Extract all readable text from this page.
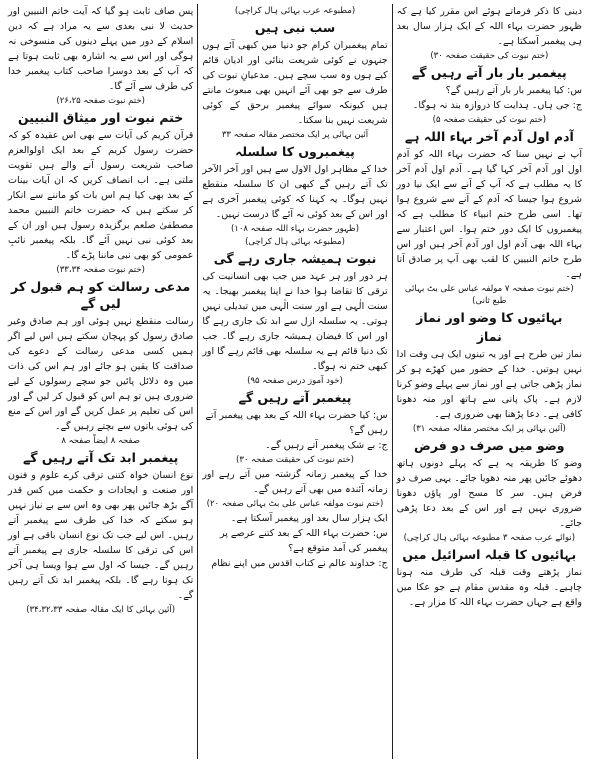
پس صاف ثابت ہو گیا کہ آیت خاتم النبیین اور حدیث لا نبی بعدی سے یہ مراد ہے کہ دین اسلام کے دور میں پہلے دینوں کی منسوخی نہ ہوگی اور اس سے یہ اشارہ بھی ثابت ہوتا ہے کہ آپ کے بعد دوسرا صاحب کتاب پیغمبر خدا کی طرف سے آئے گا۔

(ختم نبوت صفحہ ۲۶،۲۵)

ختم نبوت اور میثاق النبیین

قرآن کریم کی آیات سے بھی اس عقیدہ کو کہ حضرت رسول کریم کے بعد ایک اولوالعزم صاحب شریعت رسول آنے والے ہیں تقویت ملتی ہے۔ اب انصاف کریں کہ ان آیات بینات کے بعد بھی کیا ہم اس بات کو ماننے سے انکار کر سکتے ہیں کہ حضرت خاتم النبیین محمد مصطفیٰ صلعم برگزیدہ رسول ہیں اور ان کے بعد کوئی نبی نہیں آئے گا۔ بلکہ پیغمبر نائبِ عمومی کو بھی نبی ماننا پڑے گا۔

(ختم نبوت صفحہ ۳۳،۳۴)

مدعی رسالت کو ہم قبول کر لیں گے

رسالت منقطع نہیں ہوئی اور ہم صادق وغیر صادق رسول کو پہچان سکتے ہیں اس لیے اگر ہمیں کسی مدعی رسالت کے دعوے کی صداقت کا یقین ہو جائے اور ہم اس کی ذات میں وہ دلائل پائیں جو سچے رسولوں کے لیے ضروری ہیں تو ہم اس کو قبول کر لیں گے اور اس کی تعلیم پر عمل کریں گے اور اس کے منع کی ہوئی باتوں سے بچتے رہیں گے۔

صفحہ ۸ ایضاً صفحہ ۸

پیغمبر ابد تک آتے رہیں گے

نوع انسان خواہ کتنی ترقی کرے علوم و فنون اور صنعت و ایجادات و حکمت میں کس قدر آگے بڑھ جائیں پھر بھی وہ اس سے بے نیاز نہیں ہو سکتے کہ خدا کی طرف سے پیغمبر آتے رہیں۔ اس لیے جب تک نوع انسان باقی ہے اور اس کی ترقی کا سلسلہ جاری ہے پیغمبر آتے رہیں گے۔ جیسا کہ اول سے ہوا ویسا ہی آخر تک ہوتا رہے گا۔ بلکہ پیغمبر ابد تک آتے رہیں گے۔

(آئین بہائی کا ایک مقالہ صفحہ ۳۴،۳۲،۳۳)

(مطبوعہ عرب بہائی ہال کراچی)

سب نبی ہیں

تمام پیغمبران کرام جو دنیا میں کبھی آئے ہوں جنہوں نے کوئی شریعت بنائی اور ادیان قائم کیے ہوں وہ سب سچے ہیں۔ مدعیانِ نبوت کی طرف سے جو بھی آئے انہیں بھی مبعوث مانتے ہیں کیونکہ سوائے پیغمبر برحق کے کوئی شریعت نہیں بنا سکتا۔

آئین بہائی پر ایک مختصر مقالہ صفحہ ۳۳

پیغمبروں کا سلسلہ

خدا کے مظاہر اول الاول سے ہیں اور آخر الآخر تک آتے رہیں گے کبھی ان کا سلسلہ منقطع نہیں ہوگا۔ یہ کہنا کہ کوئی پیغمبر آخری ہے اور اس کے بعد کوئی نہ آئے گا درست نہیں۔

(ظہور حضرت بہاء اللہ صفحہ ۱۰۸)

(مطبوعہ بہائی ہال کراچی)

نبوت ہمیشہ جاری رہے گی

ہر دور اور ہر عہد میں جب بھی انسانیت کی ترقی کا تقاضا ہوا خدا نے اپنا پیغمبر بھیجا۔ یہ سنت الٰہی ہے اور سنت الٰہی میں تبدیلی نہیں ہوتی۔ یہ سلسلہ ازل سے ابد تک جاری رہے گا اور اس کا فیضان ہمیشہ جاری رہے گا۔ جب تک دنیا قائم ہے یہ سلسلہ بھی قائم رہے گا اور کبھی ختم نہ ہوگا۔

(خود آموز درس صفحہ ۹۵)

پیغمبر آتے رہیں گے

س: کیا حضرت بہاء اللہ کے بعد بھی پیغمبر آتے رہیں گے؟

ج: بے شک پیغمبر آتے رہیں گے۔

(ختم نبوت کی حقیقت صفحہ ۳۰)

خدا کے پیغمبر زمانہ گزشتہ میں آتے رہے اور زمانہ آئندہ میں بھی آتے رہیں گے۔

(ختم نبوت مولفہ عباس علی بٹ بہائی صفحہ ۲۰)

ایک ہزار سال بعد اور پیغمبر آسکتا ہے۔

س: حضرت بہاء اللہ کے بعد کتنے عرصے پر پیغمبر کی آمد متوقع ہے؟

ج: خداوند عالم نے کتاب اقدس میں اپنے نظام

دینی کا ذکر فرماتے ہوئے اس مقرر کیا ہے کہ ظہور حضرت بہاء اللہ کے ایک ہزار سال بعد ہی پیغمبر آسکتا ہے۔

(ختم نبوت کی حقیقت صفحہ ۳۰)

پیغمبر بار بار آتے رہیں گے

س: کیا پیغمبر بار بار آتے رہیں گے؟

ج: جی ہاں۔ ہدایت کا دروازہ بند نہ ہوگا۔

(ختم نبوت کی حقیقت صفحہ ۵)

آدم اول آدم آخر بہاء اللہ ہے

آپ نے نہیں سنا کہ حضرت بہاء اللہ کو آدم اول اور آدم آخر کہا گیا ہے۔ آدم اول آدم آخر کا یہ مطلب ہے کہ آپ کے آنے سے ایک نیا دور شروع ہوا جیسا کہ آدم کے آنے سے شروع ہوا تھا۔ اسی طرح ختم انبیاء کا مطلب ہے کہ پیغمبروں کا ایک دور ختم ہوا۔ اس اعتبار سے بہاء اللہ بھی آدم اول اور آدم آخر ہیں اور اس طرح خاتم النبیین کا لقب بھی آپ پر صادق آتا ہے۔

(ختم نبوت صفحہ ۷ مولفہ عباس علی بٹ بہائی طبع ثانی)

بہائیوں کا وضو اور نماز

نماز

نماز تین طرح ہے اور یہ تینوں ایک ہی وقت ادا نہیں ہوتیں۔ خدا کے حضور میں کھڑے ہو کر نماز پڑھی جاتی ہے اور نماز سے پہلے وضو کرنا لازم ہے۔ پاک پانی سے ہاتھ اور منہ دھونا کافی ہے۔ دعا پڑھنا بھی ضروری ہے۔

(آئین بہائی پر ایک مختصر مقالہ صفحہ ۳۱)

وضو میں صرف دو فرض

وضو کا طریقہ یہ ہے کہ پہلے دونوں ہاتھ دھوئے جائیں پھر منہ دھویا جائے۔ یہی صرف دو فرض ہیں۔ سر کا مسح اور پاؤں دھونا ضروری نہیں ہے اور اس کے بعد دعا پڑھی جائے۔

(نوائے عرب صفحہ ۳ مطبوعہ بہائی ہال کراچی)

بہائیوں کا قبلہ اسرائیل میں

نماز پڑھتے وقت قبلہ کی طرف منہ ہونا چاہیے۔ قبلہ وہ مقدس مقام ہے جو عکا میں واقع ہے جہاں حضرت بہاء اللہ کا مزار ہے۔
